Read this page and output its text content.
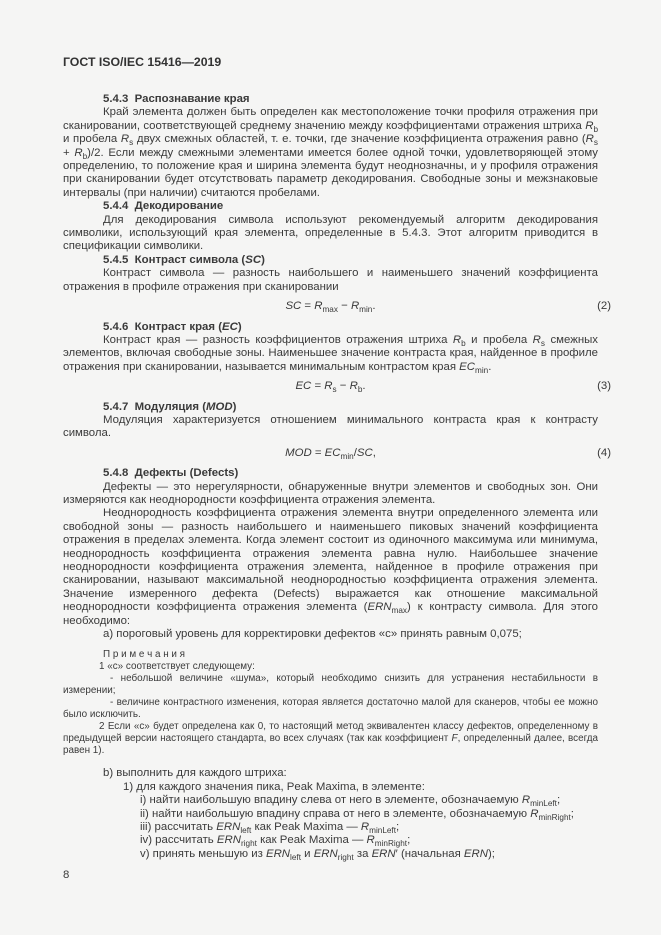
ГОСТ ISO/IEC 15416—2019

5.4.3  Распознавание края

Край элемента должен быть определен как местоположение точки профиля отражения при сканировании, соответствующей среднему значению между коэффициентами отражения штриха $R_b$ и пробела $R_s$ двух смежных областей, т. е. точки, где значение коэффициента отражения равно $(R_s + R_b)/2$. Если между смежными элементами имеется более одной точки, удовлетворяющей этому определению, то положение края и ширина элемента будут неоднозначны, и у профиля отражения при сканировании будет отсутствовать параметр декодирования. Свободные зоны и межзнаковые интервалы (при наличии) считаются пробелами.

5.4.4  Декодирование

Для декодирования символа используют рекомендуемый алгоритм декодирования символики, использующий края элемента, определенные в 5.4.3. Этот алгоритм приводится в спецификации символики.

5.4.5  Контраст символа (SC)

Контраст символа — разность наибольшего и наименьшего значений коэффициента отражения в профиле отражения при сканировании

SC = $R_{max} - R_{min}$.	(2)

5.4.6  Контраст края (EC)

Контраст края — разность коэффициентов отражения штриха $R_b$ и пробела $R_s$ смежных элементов, включая свободные зоны. Наименьшее значение контраста края, найденное в профиле отражения при сканировании, называется минимальным контрастом края $EC_{min}$.

EC = $R_s - R_b$.	(3)

5.4.7  Модуляция (MOD)

Модуляция характеризуется отношением минимального контраста края к контрасту символа.

MOD = $EC_{min}/SC$,	(4)

5.4.8  Дефекты (Defects)

Дефекты — это нерегулярности, обнаруженные внутри элементов и свободных зон. Они измеряются как неоднородности коэффициента отражения элемента.

Неоднородность коэффициента отражения элемента внутри определенного элемента или свободной зоны — разность наибольшего и наименьшего пиковых значений коэффициента отражения в пределах элемента. Когда элемент состоит из одиночного максимума или минимума, неоднородность коэффициента отражения элемента равна нулю. Наибольшее значение неоднородности коэффициента отражения элемента, найденное в профиле отражения при сканировании, называют максимальной неоднородностью коэффициента отражения элемента. Значение измеренного дефекта (Defects) выражается как отношение максимальной неоднородности коэффициента отражения элемента $(ERN_{max})$ к контрасту символа. Для этого необходимо:

а) пороговый уровень для корректировки дефектов «с» принять равным 0,075;

П р и м е ч а н и я

1 «с» соответствует следующему:

- небольшой величине «шума», который необходимо снизить для устранения нестабильности в измерении;

- величине контрастного изменения, которая является достаточно малой для сканеров, чтобы ее можно было исключить.

2 Если «с» будет определена как 0, то настоящий метод эквивалентен классу дефектов, определенному в предыдущей версии настоящего стандарта, во всех случаях (так как коэффициент F, определенный далее, всегда равен 1).

b) выполнить для каждого штриха:
1) для каждого значения пика, Peak Maxima, в элементе:
i) найти наибольшую впадину слева от него в элементе, обозначаемую $R_{minLeft}$;
ii) найти наибольшую впадину справа от него в элементе, обозначаемую $R_{minRight}$;
iii) рассчитать $ERN_{left}$ как Peak Maxima — $R_{minLeft}$;
iv) рассчитать $ERN_{right}$ как Peak Maxima — $R_{minRight}$;
v) принять меньшую из $ERN_{left}$ и $ERN_{right}$ за ERN′ (начальная ERN);
8
